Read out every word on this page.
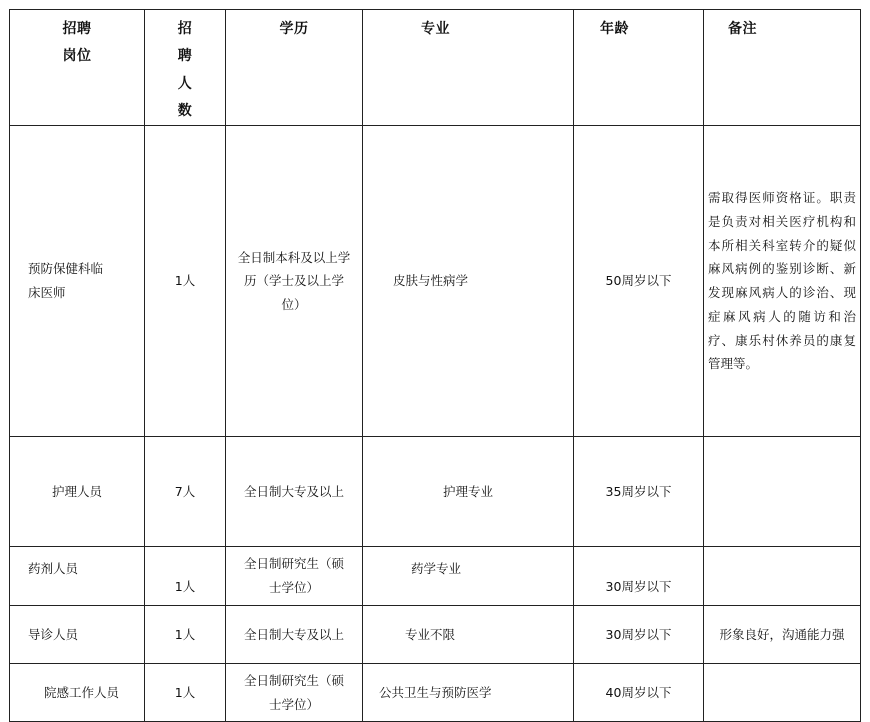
招聘岗位	招聘人数	学历	专业	年龄	备注

预防保健科临床医师	1人	全日制本科及以上学历（学士及以上学位）	皮肤与性病学	50周岁以下	需取得医师资格证。职责是负责对相关医疗机构和本所相关科室转介的疑似麻风病例的鉴别诊断、新发现麻风病人的诊治、现症麻风病人的随访和治疗、康乐村休养员的康复管理等。

护理人员	7人	全日制大专及以上	护理专业	35周岁以下	

药剂人员	1人	全日制研究生（硕士学位）	药学专业	30周岁以下	

导诊人员	1人	全日制大专及以上	专业不限	30周岁以下	形象良好，沟通能力强

院感工作人员	1人	全日制研究生（硕士学位）	公共卫生与预防医学	40周岁以下	
